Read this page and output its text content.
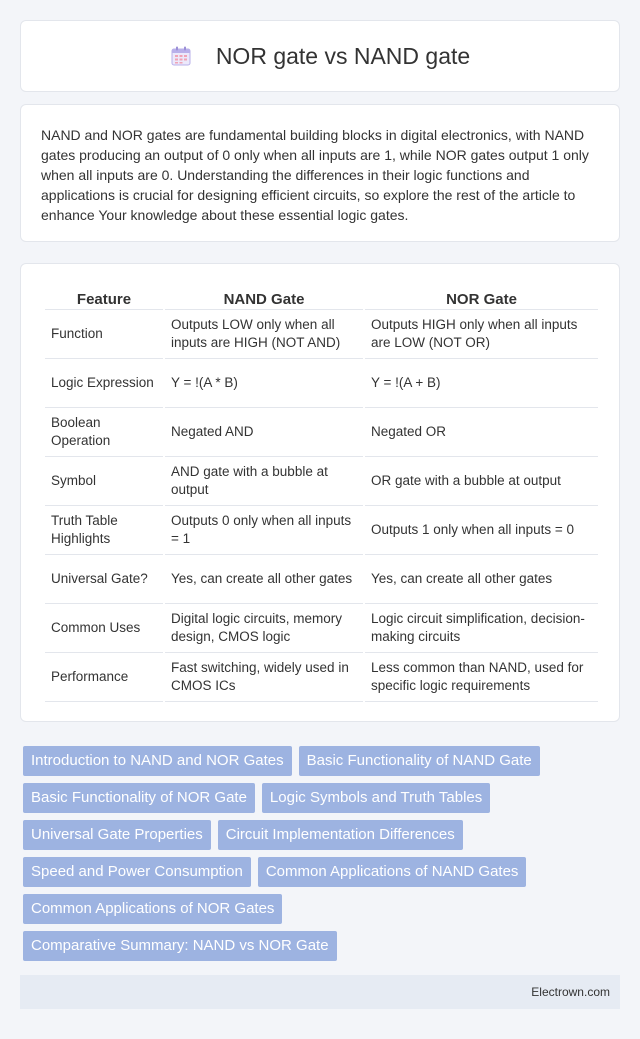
NOR gate vs NAND gate

NAND and NOR gates are fundamental building blocks in digital electronics, with NAND gates producing an output of 0 only when all inputs are 1, while NOR gates output 1 only when all inputs are 0. Understanding the differences in their logic functions and applications is crucial for designing efficient circuits, so explore the rest of the article to enhance Your knowledge about these essential logic gates.

Feature	NAND Gate	NOR Gate
Function	Outputs LOW only when all inputs are HIGH (NOT AND)	Outputs HIGH only when all inputs are LOW (NOT OR)
Logic Expression	Y = !(A * B)	Y = !(A + B)
Boolean Operation	Negated AND	Negated OR
Symbol	AND gate with a bubble at output	OR gate with a bubble at output
Truth Table Highlights	Outputs 0 only when all inputs = 1	Outputs 1 only when all inputs = 0
Universal Gate?	Yes, can create all other gates	Yes, can create all other gates
Common Uses	Digital logic circuits, memory design, CMOS logic	Logic circuit simplification, decision-making circuits
Performance	Fast switching, widely used in CMOS ICs	Less common than NAND, used for specific logic requirements
Introduction to NAND and NOR Gates	Basic Functionality of NAND Gate
Basic Functionality of NOR Gate	Logic Symbols and Truth Tables
Universal Gate Properties	Circuit Implementation Differences
Speed and Power Consumption	Common Applications of NAND Gates
Common Applications of NOR Gates
Comparative Summary: NAND vs NOR Gate
Electrown.com
